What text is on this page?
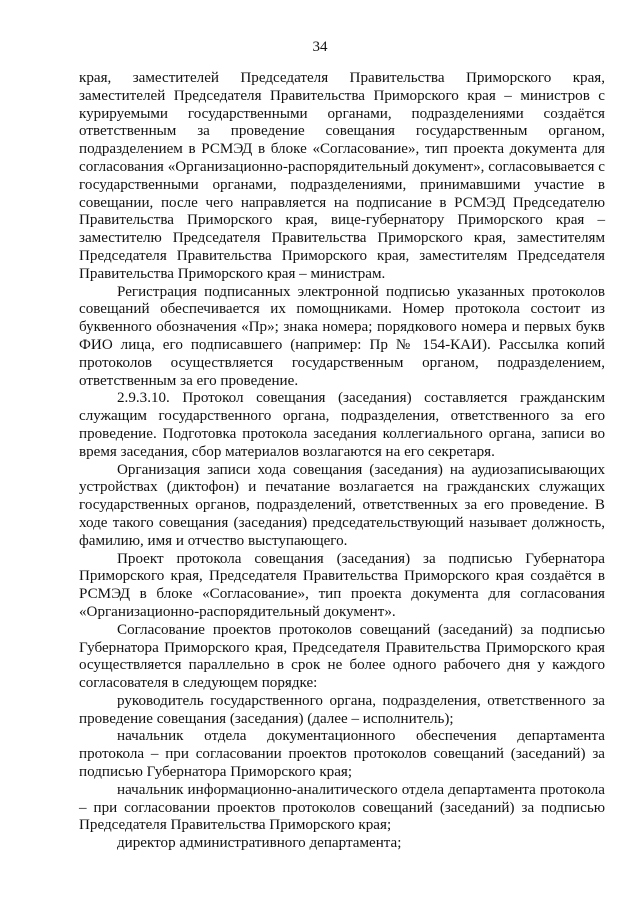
34

края, заместителей Председателя Правительства Приморского края, заместителей Председателя Правительства Приморского края – министров с курируемыми государственными органами, подразделениями создаётся ответственным за проведение совещания государственным органом, подразделением в РСМЭД в блоке «Согласование», тип проекта документа для согласования «Организационно-распорядительный документ», согласовывается с государственными органами, подразделениями, принимавшими участие в совещании, после чего направляется на подписание в РСМЭД Председателю Правительства Приморского края, вице-губернатору Приморского края – заместителю Председателя Правительства Приморского края, заместителям Председателя Правительства Приморского края, заместителям Председателя Правительства Приморского края – министрам.

Регистрация подписанных электронной подписью указанных протоколов совещаний обеспечивается их помощниками. Номер протокола состоит из буквенного обозначения «Пр»; знака номера; порядкового номера и первых букв ФИО лица, его подписавшего (например: Пр № 154-КАИ). Рассылка копий протоколов осуществляется государственным органом, подразделением, ответственным за его проведение.

2.9.3.10. Протокол совещания (заседания) составляется гражданским служащим государственного органа, подразделения, ответственного за его проведение. Подготовка протокола заседания коллегиального органа, записи во время заседания, сбор материалов возлагаются на его секретаря.

Организация записи хода совещания (заседания) на аудиозаписывающих устройствах (диктофон) и печатание возлагается на гражданских служащих государственных органов, подразделений, ответственных за его проведение. В ходе такого совещания (заседания) председательствующий называет должность, фамилию, имя и отчество выступающего.

Проект протокола совещания (заседания) за подписью Губернатора Приморского края, Председателя Правительства Приморского края создаётся в РСМЭД в блоке «Согласование», тип проекта документа для согласования «Организационно-распорядительный документ».

Согласование проектов протоколов совещаний (заседаний) за подписью Губернатора Приморского края, Председателя Правительства Приморского края осуществляется параллельно в срок не более одного рабочего дня у каждого согласователя в следующем порядке:

руководитель государственного органа, подразделения, ответственного за проведение совещания (заседания) (далее – исполнитель);

начальник отдела документационного обеспечения департамента протокола – при согласовании проектов протоколов совещаний (заседаний) за подписью Губернатора Приморского края;

начальник информационно-аналитического отдела департамента протокола – при согласовании проектов протоколов совещаний (заседаний) за подписью Председателя Правительства Приморского края;

директор административного департамента;
